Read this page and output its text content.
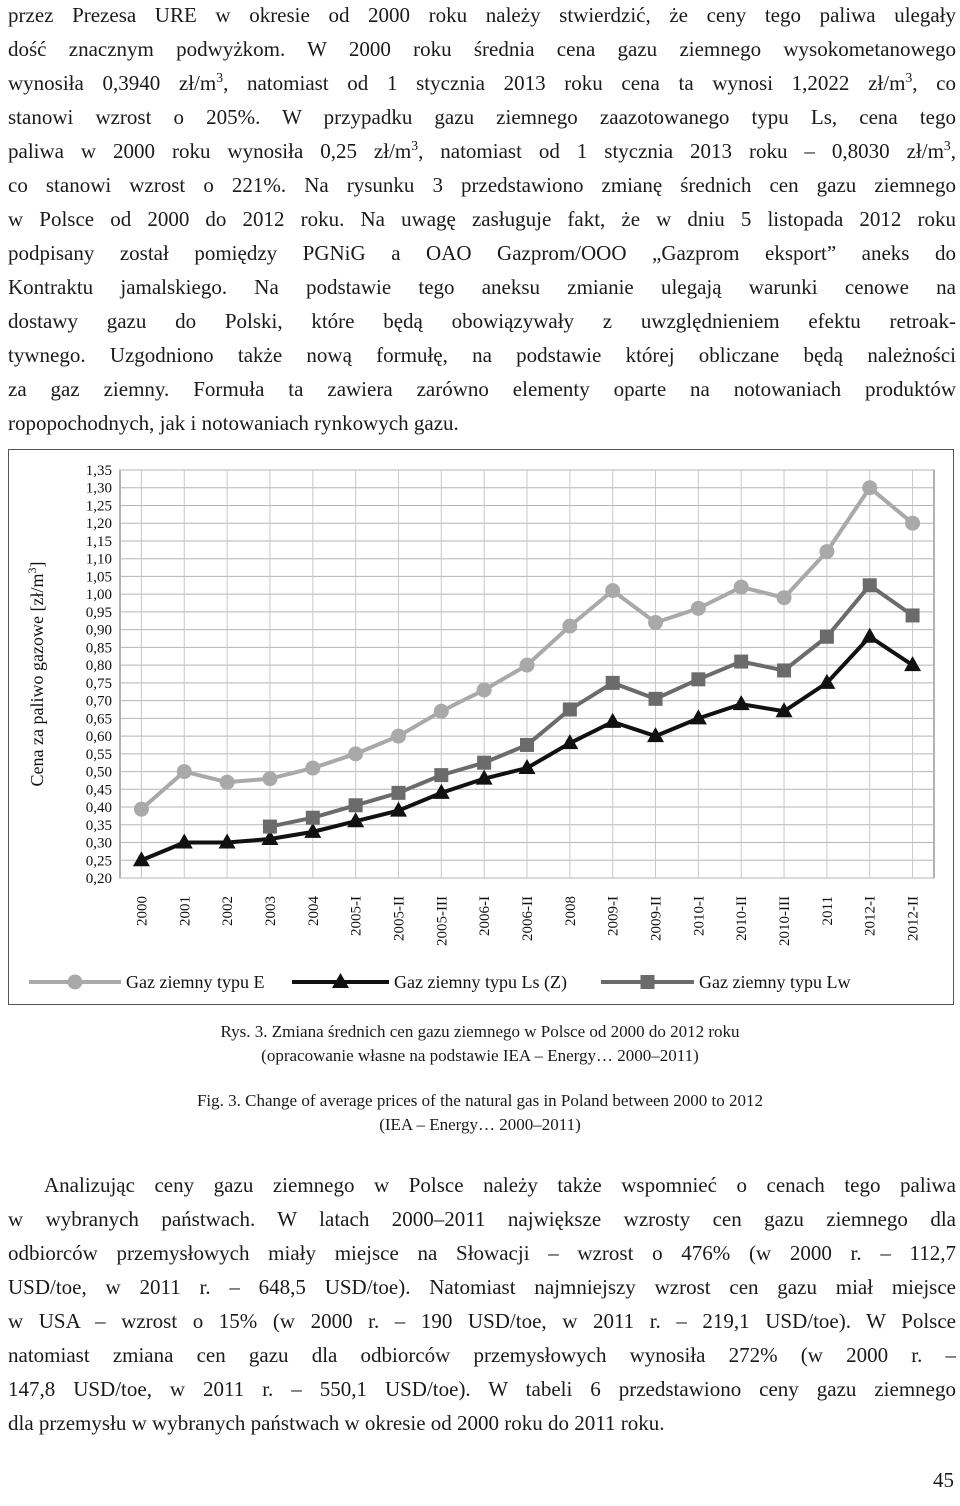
przez Prezesa URE w okresie od 2000 roku należy stwierdzić, że ceny tego paliwa ulegały
dość znacznym podwyżkom. W 2000 roku średnia cena gazu ziemnego wysokometanowego
wynosiła 0,3940 $zł/m^3$, natomiast od 1 stycznia 2013 roku cena ta wynosi 1,2022 $zł/m^3$, co
stanowi wzrost o 205%. W przypadku gazu ziemnego zaazotowanego typu Ls, cena tego
paliwa w 2000 roku wynosiła 0,25 $zł/m^3$, natomiast od 1 stycznia 2013 roku – 0,8030 $zł/m^3$,
co stanowi wzrost o 221%. Na rysunku 3 przedstawiono zmianę średnich cen gazu ziemnego
w Polsce od 2000 do 2012 roku. Na uwagę zasługuje fakt, że w dniu 5 listopada 2012 roku
podpisany został pomiędzy PGNiG a OAO Gazprom/OOO „Gazprom eksport” aneks do
Kontraktu jamalskiego. Na podstawie tego aneksu zmianie ulegają warunki cenowe na
dostawy gazu do Polski, które będą obowiązywały z uwzględnieniem efektu retroak-
tywnego. Uzgodniono także nową formułę, na podstawie której obliczane będą należności
za gaz ziemny. Formuła ta zawiera zarówno elementy oparte na notowaniach produktów
ropopochodnych, jak i notowaniach rynkowych gazu.
1,35
1,30
1,25
1,20
1,15
1,10
1,05
1,00
0,95
0,90
0,85
0,80
0,75
0,70
0,65
0,60
0,55
0,50
0,45
0,40
0,35
0,30
0,25
0,20
2000 2001 2002 2003 2004 2005-I 2005-II 2005-III 2006-I 2006-II 2008 2009-I 2009-II 2010-I 2010-II 2010-III 2011 2012-I 2012-II
Cena za paliwo gazowe $[zł/m^3]$
Gaz ziemny typu E	Gaz ziemny typu Ls (Z)	Gaz ziemny typu Lw
Rys. 3. Zmiana średnich cen gazu ziemnego w Polsce od 2000 do 2012 roku
(opracowanie własne na podstawie IEA – Energy… 2000–2011)
Fig. 3. Change of average prices of the natural gas in Poland between 2000 to 2012
(IEA – Energy… 2000–2011)
Analizując ceny gazu ziemnego w Polsce należy także wspomnieć o cenach tego paliwa
w wybranych państwach. W latach 2000–2011 największe wzrosty cen gazu ziemnego dla
odbiorców przemysłowych miały miejsce na Słowacji – wzrost o 476% (w 2000 r. – 112,7
USD/toe, w 2011 r. – 648,5 USD/toe). Natomiast najmniejszy wzrost cen gazu miał miejsce
w USA – wzrost o 15% (w 2000 r. – 190 USD/toe, w 2011 r. – 219,1 USD/toe). W Polsce
natomiast zmiana cen gazu dla odbiorców przemysłowych wynosiła 272% (w 2000 r. –
147,8 USD/toe, w 2011 r. – 550,1 USD/toe). W tabeli 6 przedstawiono ceny gazu ziemnego
dla przemysłu w wybranych państwach w okresie od 2000 roku do 2011 roku.
45
